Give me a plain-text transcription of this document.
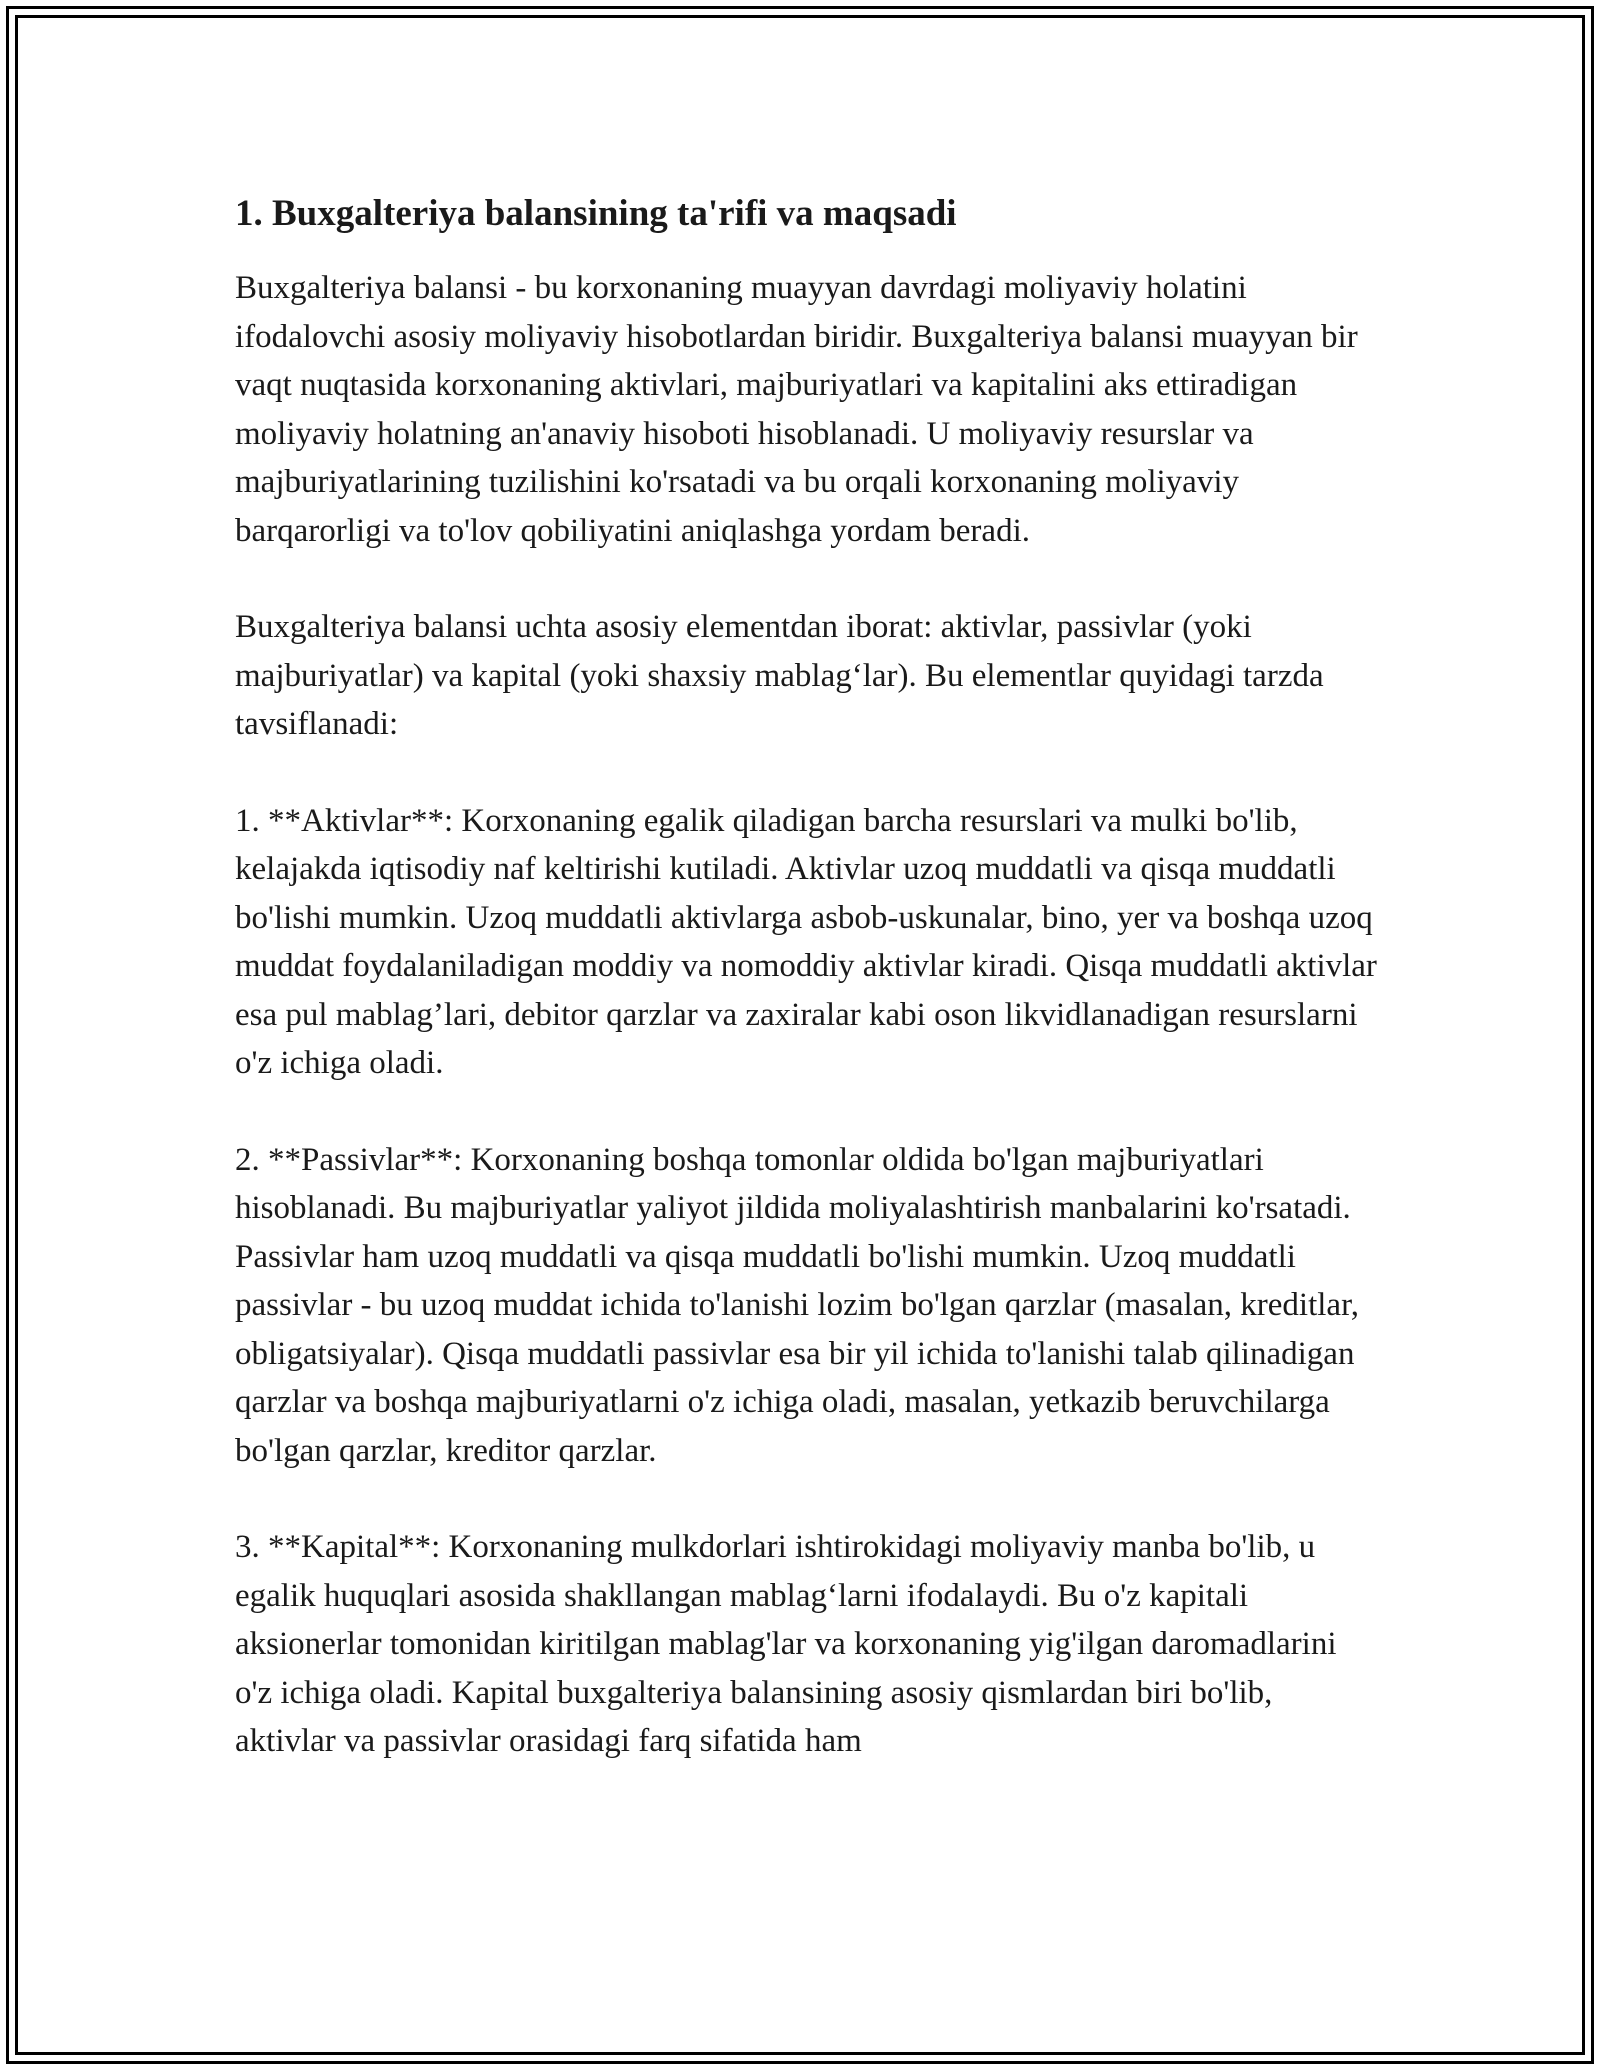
1. Buxgalteriya balansining ta'rifi va maqsadi

Buxgalteriya balansi - bu korxonaning muayyan davrdagi moliyaviy holatini ifodalovchi asosiy moliyaviy hisobotlardan biridir. Buxgalteriya balansi muayyan bir vaqt nuqtasida korxonaning aktivlari, majburiyatlari va kapitalini aks ettiradigan moliyaviy holatning an'anaviy hisoboti hisoblanadi. U moliyaviy resurslar va majburiyatlarining tuzilishini ko'rsatadi va bu orqali korxonaning moliyaviy barqarorligi va to'lov qobiliyatini aniqlashga yordam beradi.

Buxgalteriya balansi uchta asosiy elementdan iborat: aktivlar, passivlar (yoki majburiyatlar) va kapital (yoki shaxsiy mablag‘lar). Bu elementlar quyidagi tarzda tavsiflanadi:

1. **Aktivlar**: Korxonaning egalik qiladigan barcha resurslari va mulki bo'lib, kelajakda iqtisodiy naf keltirishi kutiladi. Aktivlar uzoq muddatli va qisqa muddatli bo'lishi mumkin. Uzoq muddatli aktivlarga asbob-uskunalar, bino, yer va boshqa uzoq muddat foydalaniladigan moddiy va nomoddiy aktivlar kiradi. Qisqa muddatli aktivlar esa pul mablag’lari, debitor qarzlar va zaxiralar kabi oson likvidlanadigan resurslarni o'z ichiga oladi.

2. **Passivlar**: Korxonaning boshqa tomonlar oldida bo'lgan majburiyatlari hisoblanadi. Bu majburiyatlar yaliyot jildida moliyalashtirish manbalarini ko'rsatadi. Passivlar ham uzoq muddatli va qisqa muddatli bo'lishi mumkin. Uzoq muddatli passivlar - bu uzoq muddat ichida to'lanishi lozim bo'lgan qarzlar (masalan, kreditlar, obligatsiyalar). Qisqa muddatli passivlar esa bir yil ichida to'lanishi talab qilinadigan qarzlar va boshqa majburiyatlarni o'z ichiga oladi, masalan, yetkazib beruvchilarga bo'lgan qarzlar, kreditor qarzlar.

3. **Kapital**: Korxonaning mulkdorlari ishtirokidagi moliyaviy manba bo'lib, u egalik huquqlari asosida shakllangan mablag‘larni ifodalaydi. Bu o'z kapitali aksionerlar tomonidan kiritilgan mablag'lar va korxonaning yig'ilgan daromadlarini o'z ichiga oladi. Kapital buxgalteriya balansining asosiy qismlardan biri bo'lib, aktivlar va passivlar orasidagi farq sifatida ham
